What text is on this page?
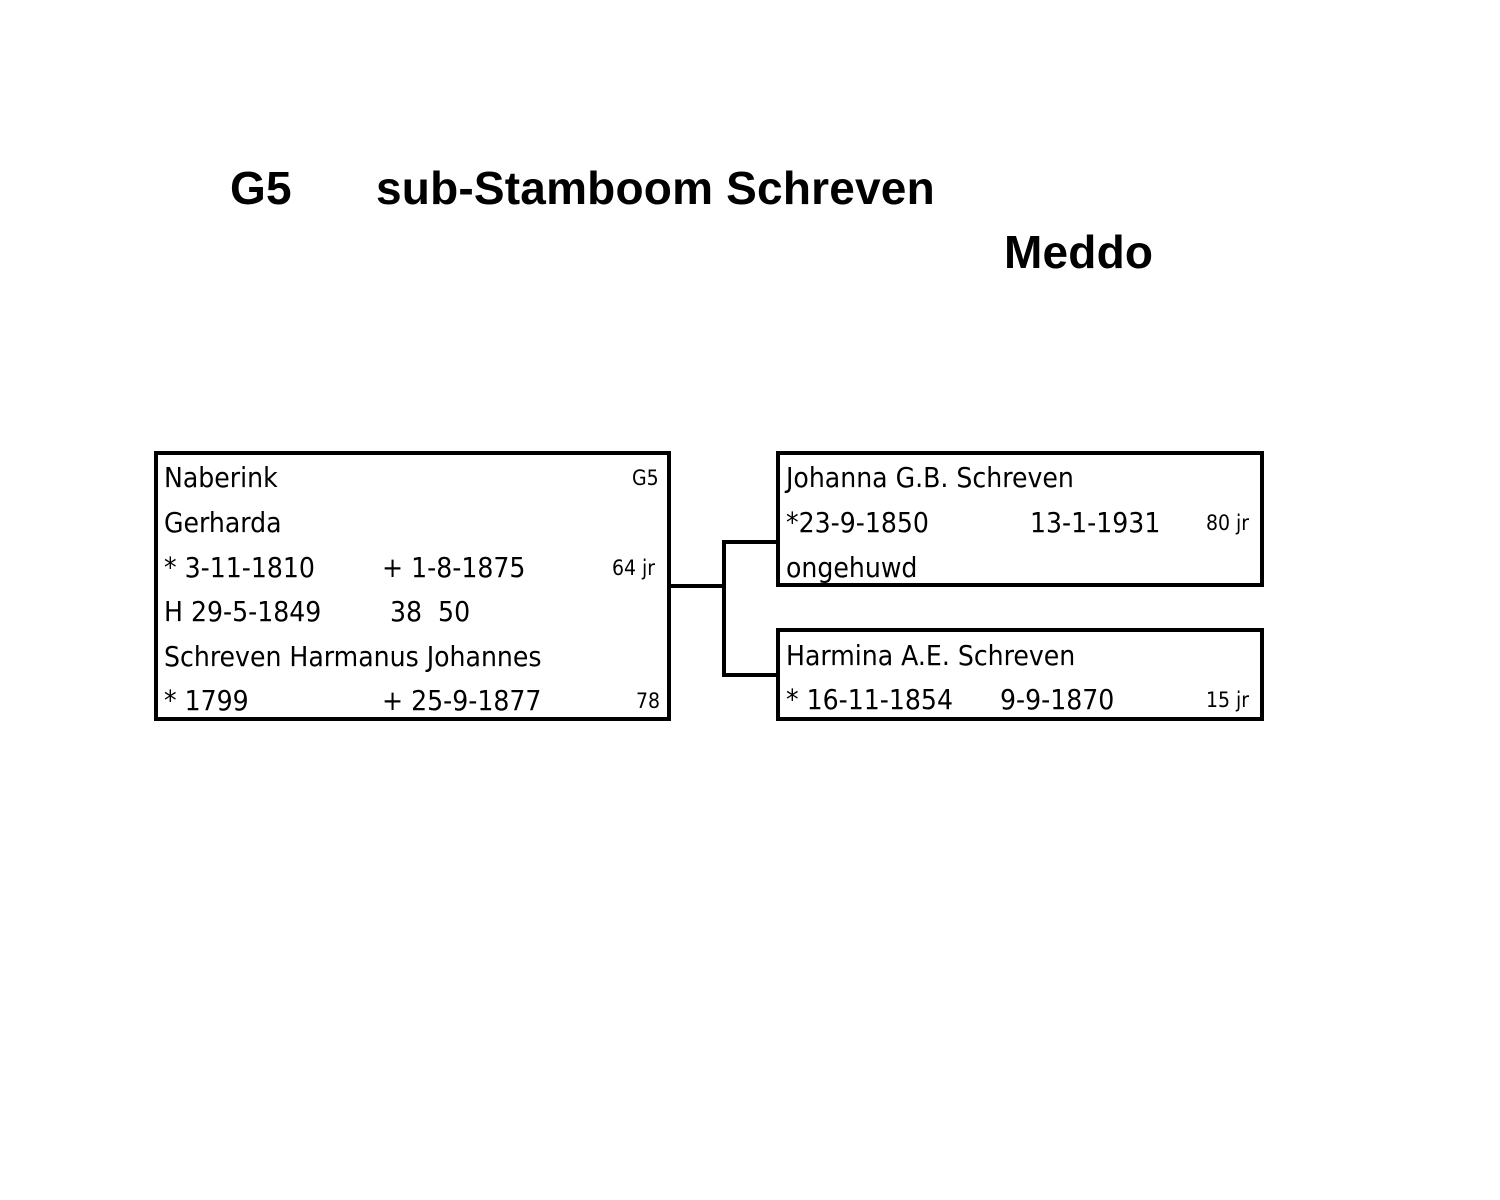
G5 sub-Stamboom Schreven
Meddo
Naberink	G5
Gerharda
* 3-11-1810 + 1-8-1875	64 jr
H 29-5-1849 38  50
Schreven Harmanus Johannes
* 1799	+ 25-9-1877	78
Johanna G.B. Schreven
*23-9-1850	13-1-1931 80 jr
ongehuwd
Harmina A.E. Schreven
* 16-11-1854 9-9-1870	15 jr
